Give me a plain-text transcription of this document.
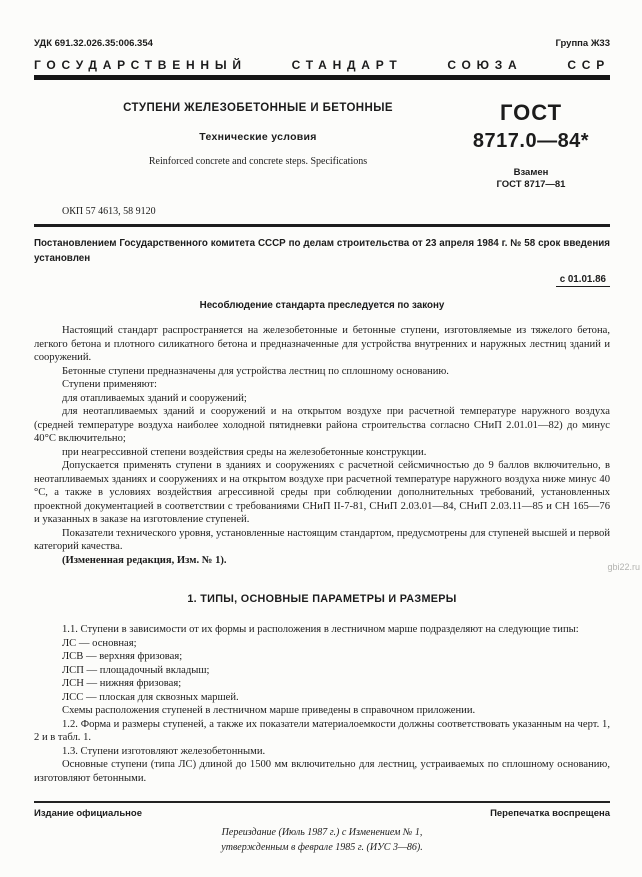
УДК 691.32.026.35:006.354	Группа Ж33
ГОСУДАРСТВЕННЫЙ СТАНДАРТ СОЮЗА ССР
СТУПЕНИ ЖЕЛЕЗОБЕТОННЫЕ И БЕТОННЫЕ
Технические условия
Reinforced concrete and concrete steps. Specifications
ГОСТ
8717.0—84*
Взамен
ГОСТ 8717—81
ОКП 57 4613, 58 9120
Постановлением Государственного комитета СССР по делам строительства от 23 апреля 1984 г. № 58 срок введения установлен
с 01.01.86
Несоблюдение стандарта преследуется по закону

Настоящий стандарт распространяется на железобетонные и бетонные ступени, изготовляемые из тяжелого бетона, легкого бетона и плотного силикатного бетона и предназначенные для устройства внутренних и наружных лестниц зданий и сооружений.

Бетонные ступени предназначены для устройства лестниц по сплошному основанию.

Ступени применяют:

для отапливаемых зданий и сооружений;

для неотапливаемых зданий и сооружений и на открытом воздухе при расчетной температуре наружного воздуха (средней температуре воздуха наиболее холодной пятидневки района строительства согласно СНиП 2.01.01—82) до минус 40°С включительно;

при неагрессивной степени воздействия среды на железобетонные конструкции.

Допускается применять ступени в зданиях и сооружениях с расчетной сейсмичностью до 9 баллов включительно, в неотапливаемых зданиях и сооружениях и на открытом воздухе при расчетной температуре наружного воздуха ниже минус 40 °С, а также в условиях воздействия агрессивной среды при соблюдении дополнительных требований, установленных проектной документацией в соответствии с требованиями СНиП II-7-81, СНиП 2.03.01—84, СНиП 2.03.11—85 и СН 165—76 и указанных в заказе на изготовление ступеней.

Показатели технического уровня, установленные настоящим стандартом, предусмотрены для ступеней высшей и первой категорий качества.

(Измененная редакция, Изм. № 1).

1. ТИПЫ, ОСНОВНЫЕ ПАРАМЕТРЫ И РАЗМЕРЫ

1.1. Ступени в зависимости от их формы и расположения в лестничном марше подразделяют на следующие типы:

ЛС — основная;

ЛСВ — верхняя фризовая;

ЛСП — площадочный вкладыш;

ЛСН — нижняя фризовая;

ЛСС — плоская для сквозных маршей.

Схемы расположения ступеней в лестничном марше приведены в справочном приложении.

1.2. Форма и размеры ступеней, а также их показатели материалоемкости должны соответствовать указанным на черт. 1, 2 и в табл. 1.

1.3. Ступени изготовляют железобетонными.

Основные ступени (типа ЛС) длиной до 1500 мм включительно для лестниц, устраиваемых по сплошному основанию, изготовляют бетонными.

Издание официальное	Перепечатка воспрещена
Переиздание (Июль 1987 г.) с Изменением № 1,
утвержденным в феврале 1985 г. (ИУС 3—86).
gbi22.ru
